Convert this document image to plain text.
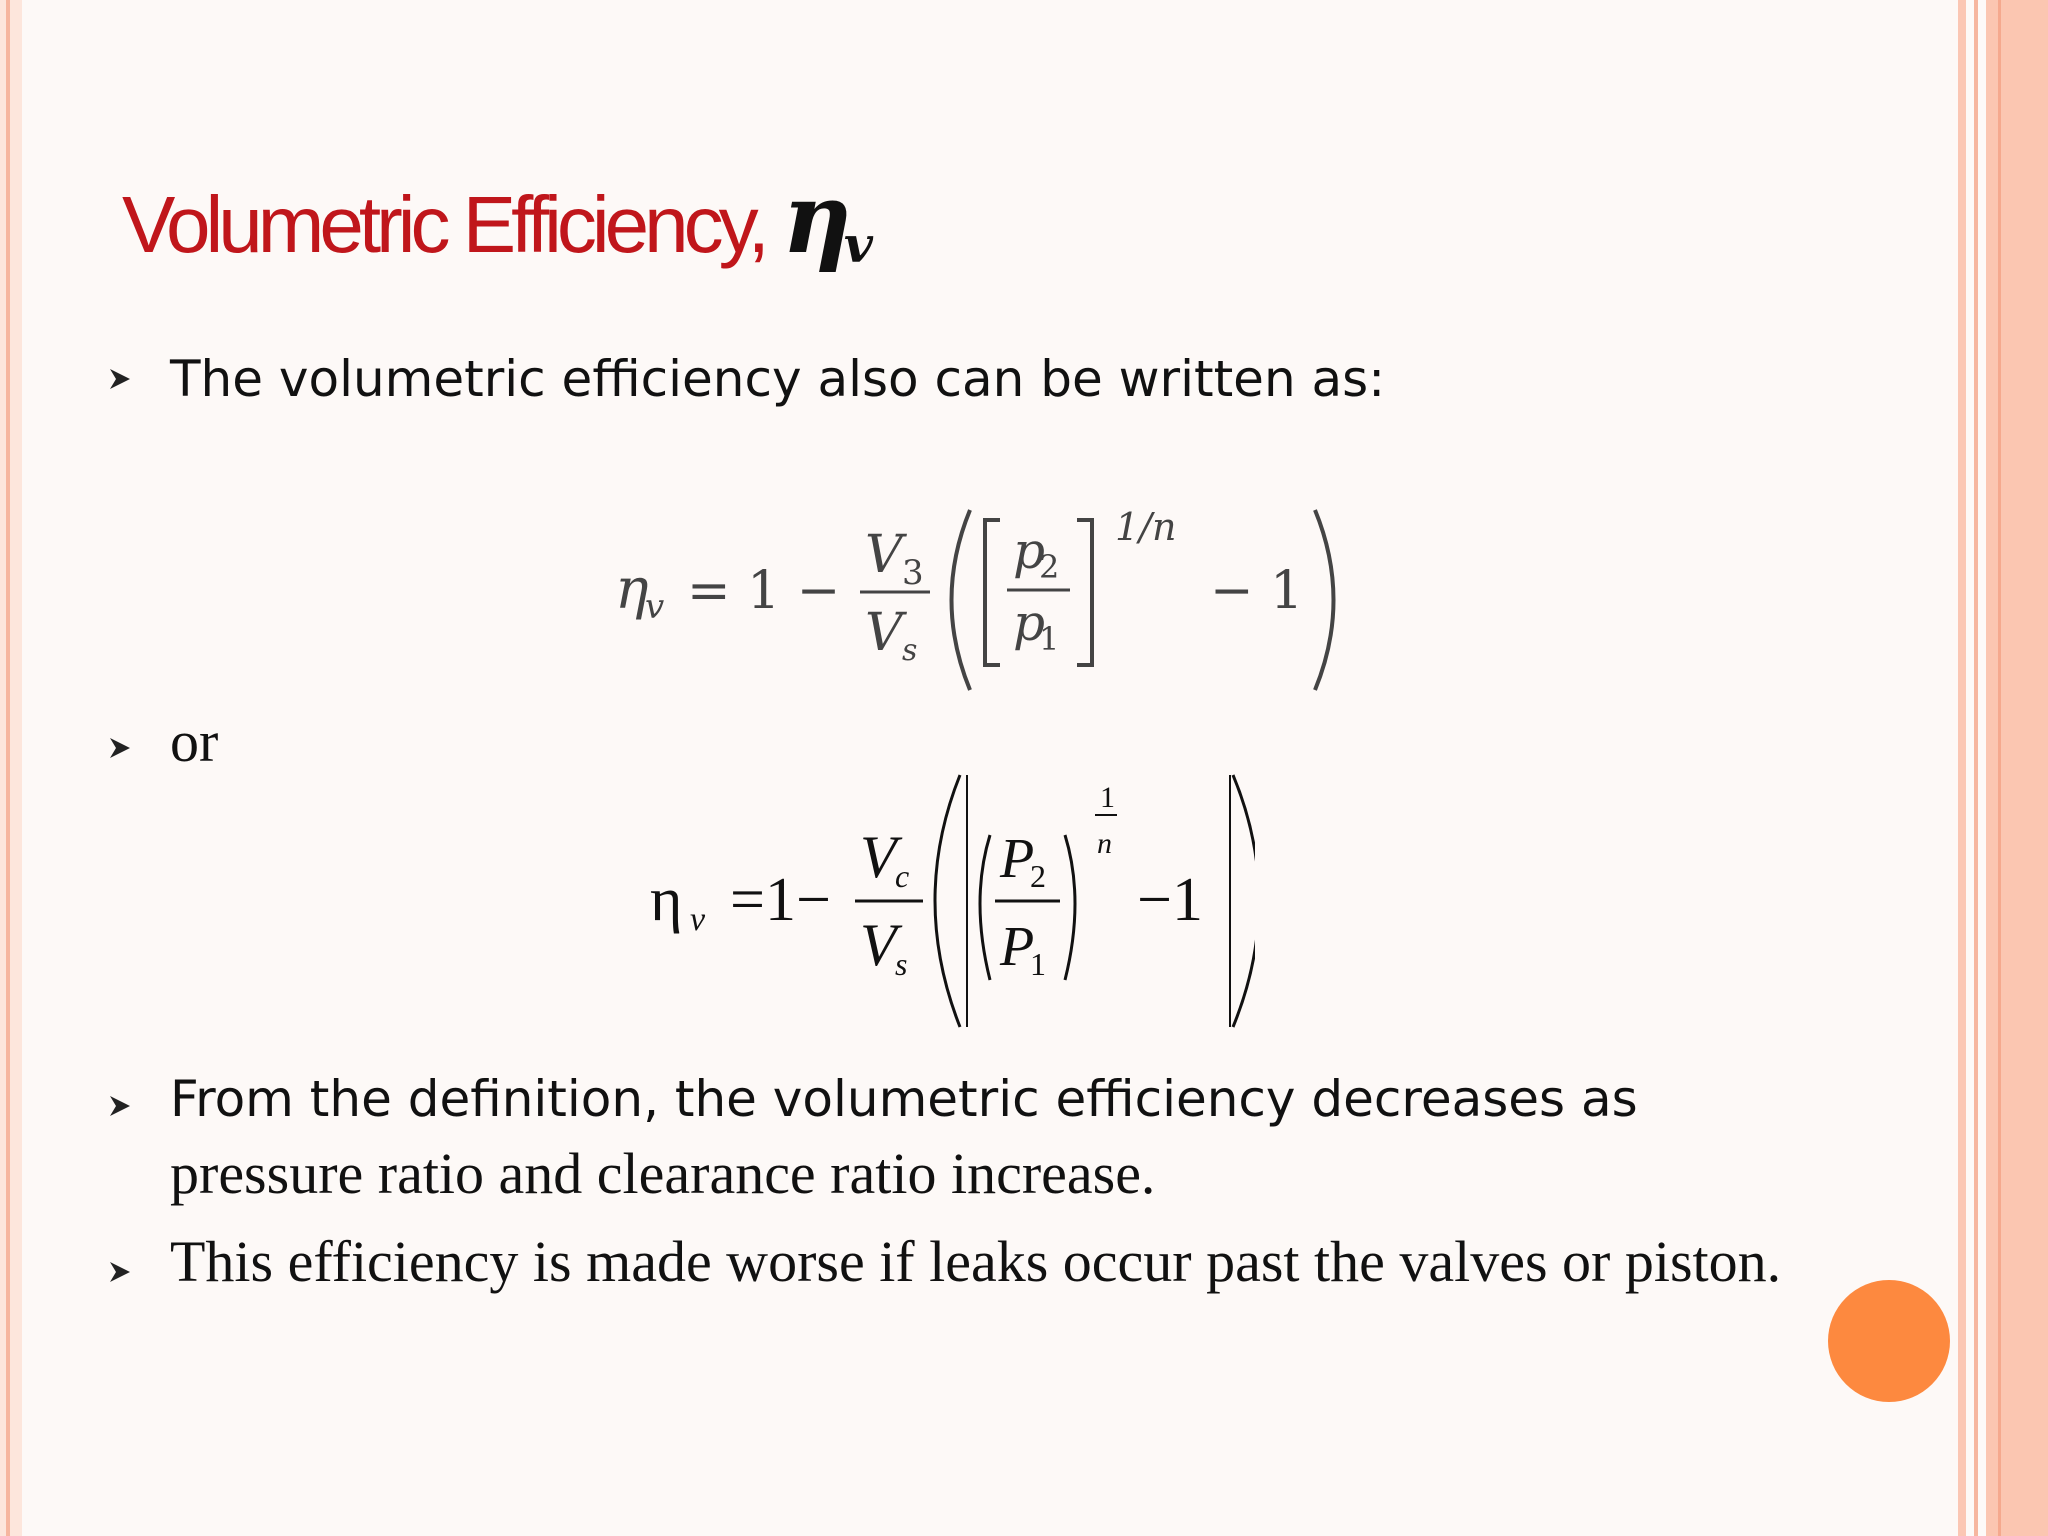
Volumetric Efficiency, $\eta_v$
The volumetric efficiency also can be written as:
η
v = 1 −
V 3
V s
p
2
p
1
1/n
− 1
or
η v =1−
V
c
V
s
P
2
P
1
1
n
−1
From the definition, the volumetric efficiency decreases as
pressure ratio and clearance ratio increase.
This efficiency is made worse if leaks occur past the valves or piston.
